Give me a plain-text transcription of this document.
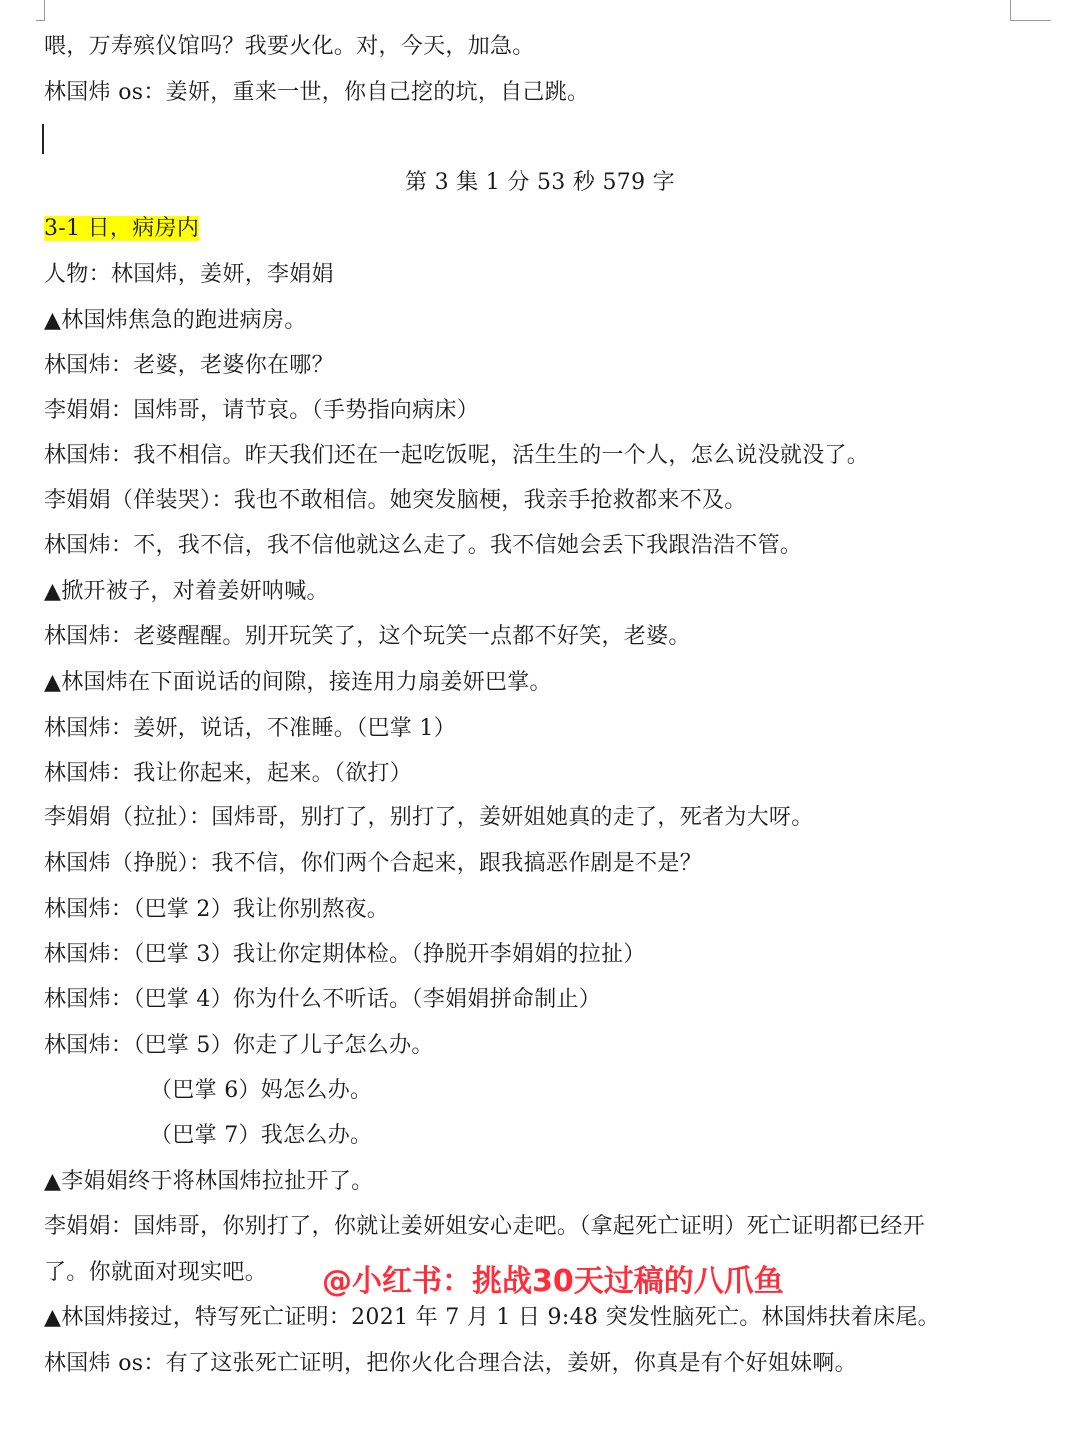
喂，万寿殡仪馆吗？我要火化。对，今天，加急。
林国炜 os：姜妍，重来一世，你自己挖的坑，自己跳。
第 3 集 1 分 53 秒 579 字
3-1 日，病房内
人物：林国炜，姜妍，李娟娟
▲林国炜焦急的跑进病房。
林国炜：老婆，老婆你在哪？
李娟娟：国炜哥，请节哀。（手势指向病床）
林国炜：我不相信。昨天我们还在一起吃饭呢，活生生的一个人，怎么说没就没了。
李娟娟（佯装哭）：我也不敢相信。她突发脑梗，我亲手抢救都来不及。
林国炜：不，我不信，我不信他就这么走了。我不信她会丢下我跟浩浩不管。
▲掀开被子，对着姜妍呐喊。
林国炜：老婆醒醒。别开玩笑了，这个玩笑一点都不好笑，老婆。
▲林国炜在下面说话的间隙，接连用力扇姜妍巴掌。
林国炜：姜妍，说话，不准睡。（巴掌 1）
林国炜：我让你起来，起来。（欲打）
李娟娟（拉扯）：国炜哥，别打了，别打了，姜妍姐她真的走了，死者为大呀。
林国炜（挣脱）：我不信，你们两个合起来，跟我搞恶作剧是不是？
林国炜：（巴掌 2）我让你别熬夜。
林国炜：（巴掌 3）我让你定期体检。（挣脱开李娟娟的拉扯）
林国炜：（巴掌 4）你为什么不听话。（李娟娟拼命制止）
林国炜：（巴掌 5）你走了儿子怎么办。
（巴掌 6）妈怎么办。
（巴掌 7）我怎么办。
▲李娟娟终于将林国炜拉扯开了。
李娟娟：国炜哥，你别打了，你就让姜妍姐安心走吧。（拿起死亡证明）死亡证明都已经开
了。你就面对现实吧。
▲林国炜接过，特写死亡证明：2021 年 7 月 1 日 9:48 突发性脑死亡。林国炜扶着床尾。
林国炜 os：有了这张死亡证明，把你火化合理合法，姜妍，你真是有个好姐妹啊。
@小红书：挑战30天过稿的八爪鱼
